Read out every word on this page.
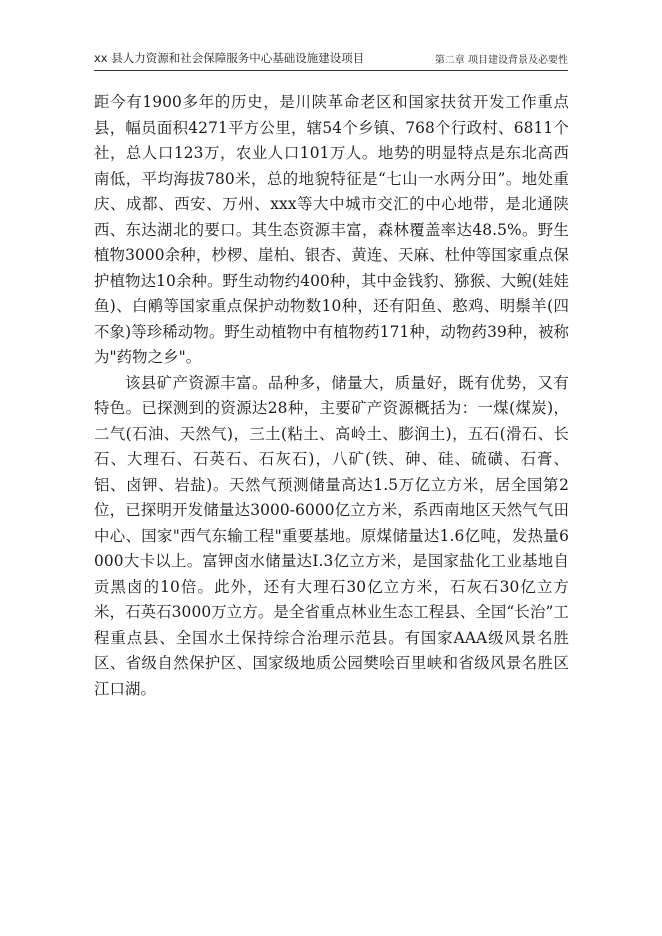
xx 县人力资源和社会保障服务中心基础设施建设项目	第二章 项目建设背景及必要性

距今有1900多年的历史，是川陕革命老区和国家扶贫开发工作重点县，幅员面积4271平方公里，辖54个乡镇、768个行政村、6811个社，总人口123万，农业人口101万人。地势的明显特点是东北高西南低，平均海拔780米，总的地貌特征是“七山一水两分田”。地处重庆、成都、西安、万州、xxx等大中城市交汇的中心地带，是北通陕西、东达湖北的要口。其生态资源丰富，森林覆盖率达48.5%。野生植物3000余种，杪椤、崖柏、银杏、黄连、天麻、杜仲等国家重点保护植物达10余种。野生动物约400种，其中金钱豹、猕猴、大鲵(娃娃鱼)、白鹇等国家重点保护动物数10种，还有阳鱼、憨鸡、明鬃羊(四不象)等珍稀动物。野生动植物中有植物药171种，动物药39种，被称为"药物之乡"。

该县矿产资源丰富。品种多，储量大，质量好，既有优势，又有特色。已探测到的资源达28种，主要矿产资源概括为：一煤(煤炭)，二气(石油、天然气)，三土(粘土、高岭土、膨润土)，五石(滑石、长石、大理石、石英石、石灰石)，八矿(铁、砷、硅、硫磺、石膏、铝、卤钾、岩盐)。天然气预测储量高达1.5万亿立方米，居全国第2位，已探明开发储量达3000-6000亿立方米，系西南地区天然气气田中心、国家"西气东输工程"重要基地。原煤储量达1.6亿吨，发热量6000大卡以上。富钾卤水储量达I.3亿立方米，是国家盐化工业基地自贡黑卤的10倍。此外，还有大理石30亿立方米，石灰石30亿立方米，石英石3000万立方。是全省重点林业生态工程县、全国“长治”工程重点县、全国水土保持综合治理示范县。有国家AAA级风景名胜区、省级自然保护区、国家级地质公园樊哙百里峡和省级风景名胜区江口湖。
